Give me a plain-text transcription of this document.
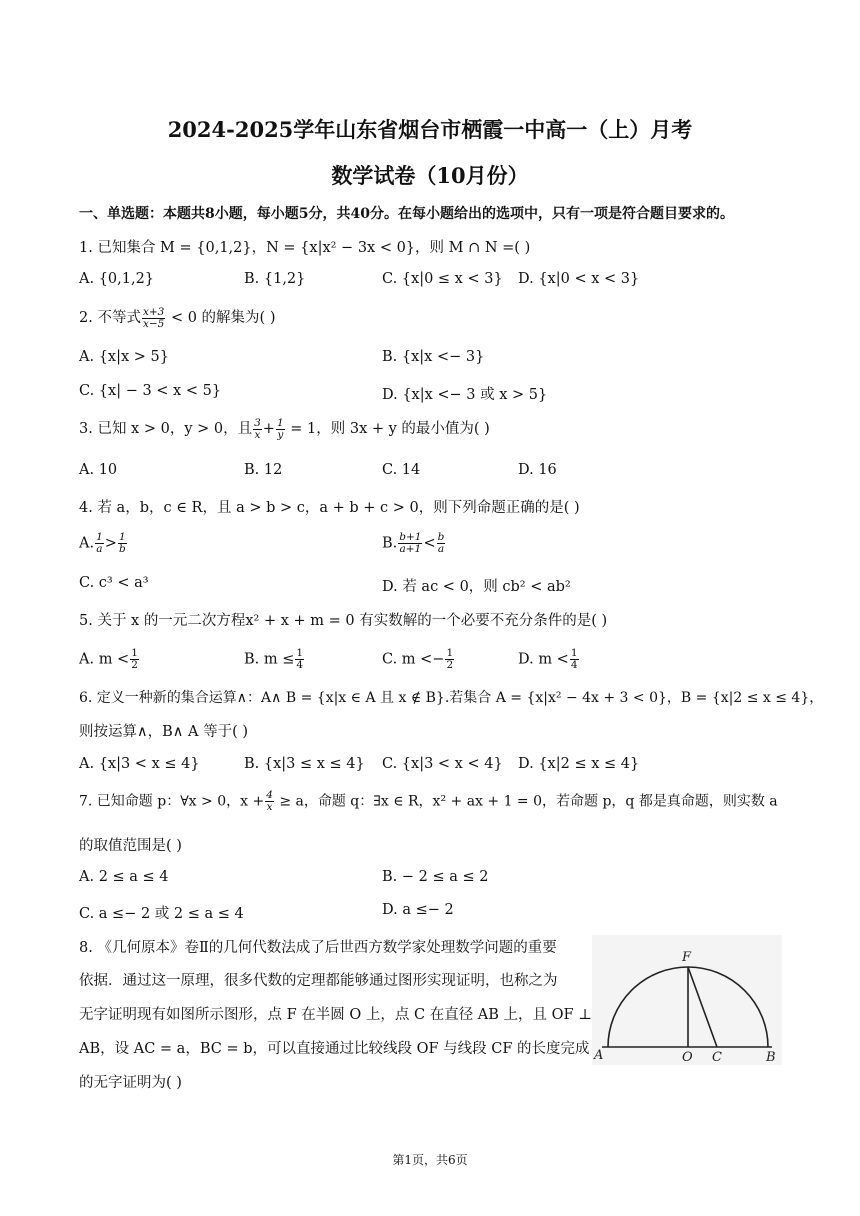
2024-2025学年山东省烟台市栖霞一中高一（上）月考
数学试卷（10月份）
一、单选题：本题共8小题，每小题5分，共40分。在每小题给出的选项中，只有一项是符合题目要求的。
1. 已知集合 M = {0,1,2}，N = {x|x² − 3x < 0}，则 M ∩ N =( )
A. {0,1,2}	B. {1,2}	C. {x|0 ≤ x < 3} D. {x|0 < x < 3}
2. 不等式 $\frac{x+3}{x-5} < 0$ 的解集为( )
A. {x|x > 5}	B. {x|x <− 3}
C. {x| − 3 < x < 5}	D. {x|x <− 3 或 x > 5}
3. 已知 x > 0，y > 0，且 $\frac{3}{x} + \frac{1}{y} = 1$，则 3x + y 的最小值为( )
A. 10	B. 12	C. 14	D. 16
4. 若 a，b，c ∈ R，且 a > b > c，a + b + c > 0，则下列命题正确的是( )
A. $\frac{1}{a} > \frac{1}{b}$	B. $\frac{b+1}{a+1} < \frac{b}{a}$
C. c³ < a³	D. 若 ac < 0，则 cb² < ab²
5. 关于 x 的一元二次方程x² + x + m = 0 有实数解的一个必要不充分条件的是( )
A. $m < \frac{1}{2}$	B. $m \le \frac{1}{4}$	C. $m <- \frac{1}{2}$	D. $m < \frac{1}{4}$
6. 定义一种新的集合运算∧：A∧ B = {x|x ∈ A 且 x ∉ B}.若集合 A = {x|x² − 4x + 3 < 0}，B = {x|2 ≤ x ≤ 4}，
则按运算∧，B∧ A 等于( )
A. {x|3 < x ≤ 4}	B. {x|3 ≤ x ≤ 4} C. {x|3 < x < 4} D. {x|2 ≤ x ≤ 4}
7. 已知命题 p：∀x > 0，$x + \frac{4}{x} \ge a$，命题 q：∃x ∈ R，x² + ax + 1 = 0，若命题 p，q 都是真命题，则实数 a
的取值范围是( )
A. 2 ≤ a ≤ 4	B. − 2 ≤ a ≤ 2
C. a ≤− 2 或 2 ≤ a ≤ 4	D. a ≤− 2
8. 《几何原本》卷Ⅱ的几何代数法成了后世西方数学家处理数学问题的重要
依据．通过这一原理，很多代数的定理都能够通过图形实现证明，也称之为
无字证明现有如图所示图形，点 F 在半圆 O 上，点 C 在直径 AB 上，且 OF ⊥
AB，设 AC = a，BC = b，可以直接通过比较线段 OF 与线段 CF 的长度完成
的无字证明为( )
F
A	O C	B
第1页，共6页
